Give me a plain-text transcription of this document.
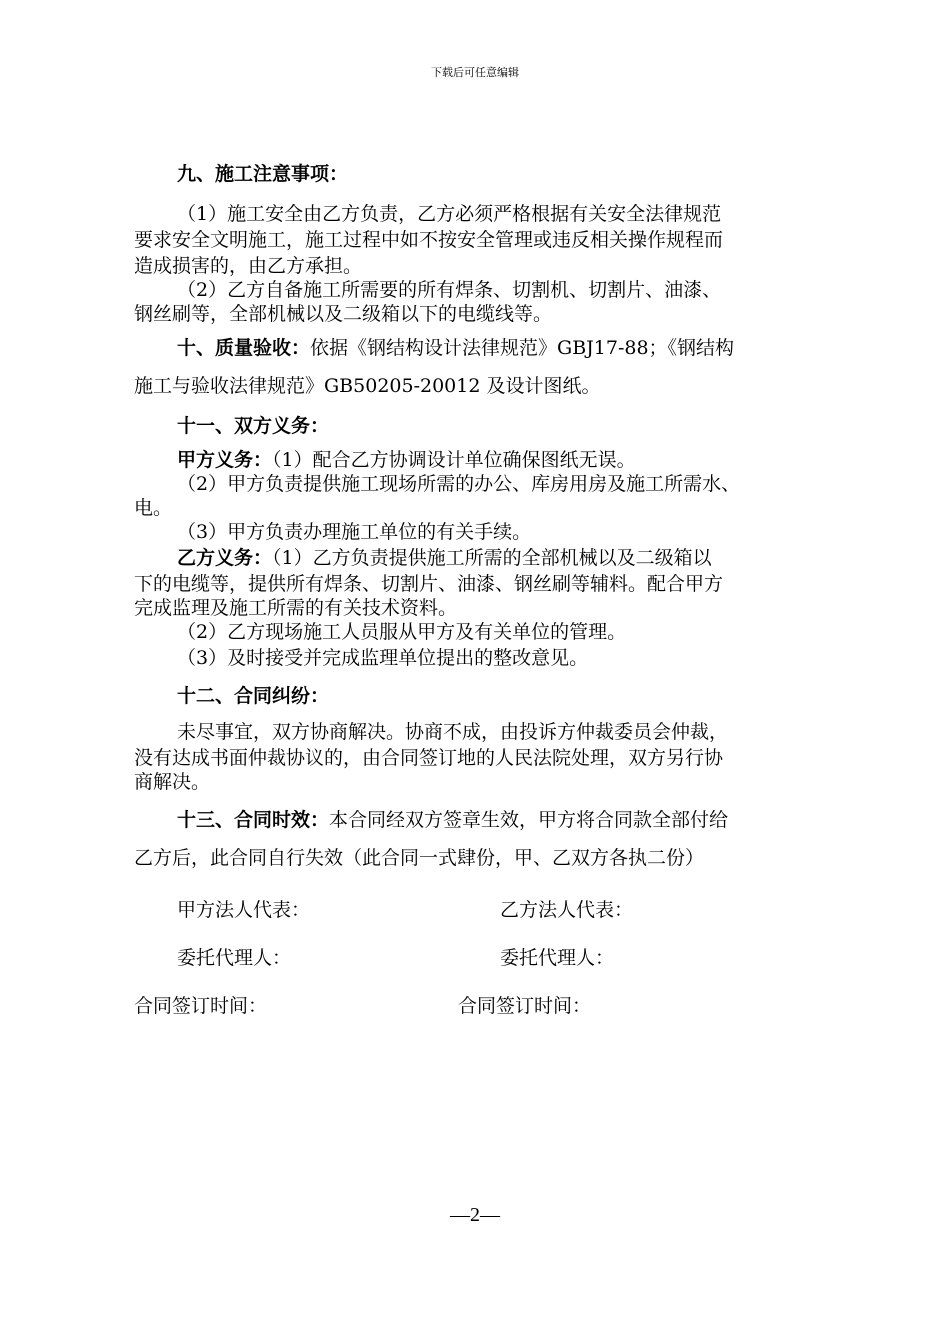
下载后可任意编辑
九、施工注意事项：
（1）施工安全由乙方负责，乙方必须严格根据有关安全法律规范
要求安全文明施工，施工过程中如不按安全管理或违反相关操作规程而
造成损害的，由乙方承担。
（2）乙方自备施工所需要的所有焊条、切割机、切割片、油漆、
钢丝刷等，全部机械以及二级箱以下的电缆线等。
十、质量验收：依据《钢结构设计法律规范》GBJ17-88；《钢结构
施工与验收法律规范》GB50205-20012 及设计图纸。
十一、双方义务：
甲方义务：（1）配合乙方协调设计单位确保图纸无误。
（2）甲方负责提供施工现场所需的办公、库房用房及施工所需水、
电。
（3）甲方负责办理施工单位的有关手续。
乙方义务：（1）乙方负责提供施工所需的全部机械以及二级箱以
下的电缆等，提供所有焊条、切割片、油漆、钢丝刷等辅料。配合甲方
完成监理及施工所需的有关技术资料。
（2）乙方现场施工人员服从甲方及有关单位的管理。
（3）及时接受并完成监理单位提出的整改意见。
十二、合同纠纷：
未尽事宜，双方协商解决。协商不成，由投诉方仲裁委员会仲裁，
没有达成书面仲裁协议的，由合同签订地的人民法院处理，双方另行协
商解决。
十三、合同时效：本合同经双方签章生效，甲方将合同款全部付给
乙方后，此合同自行失效（此合同一式肆份，甲、乙双方各执二份）
甲方法人代表：	乙方法人代表：
委托代理人：	委托代理人：
合同签订时间：	合同签订时间：
—2—
